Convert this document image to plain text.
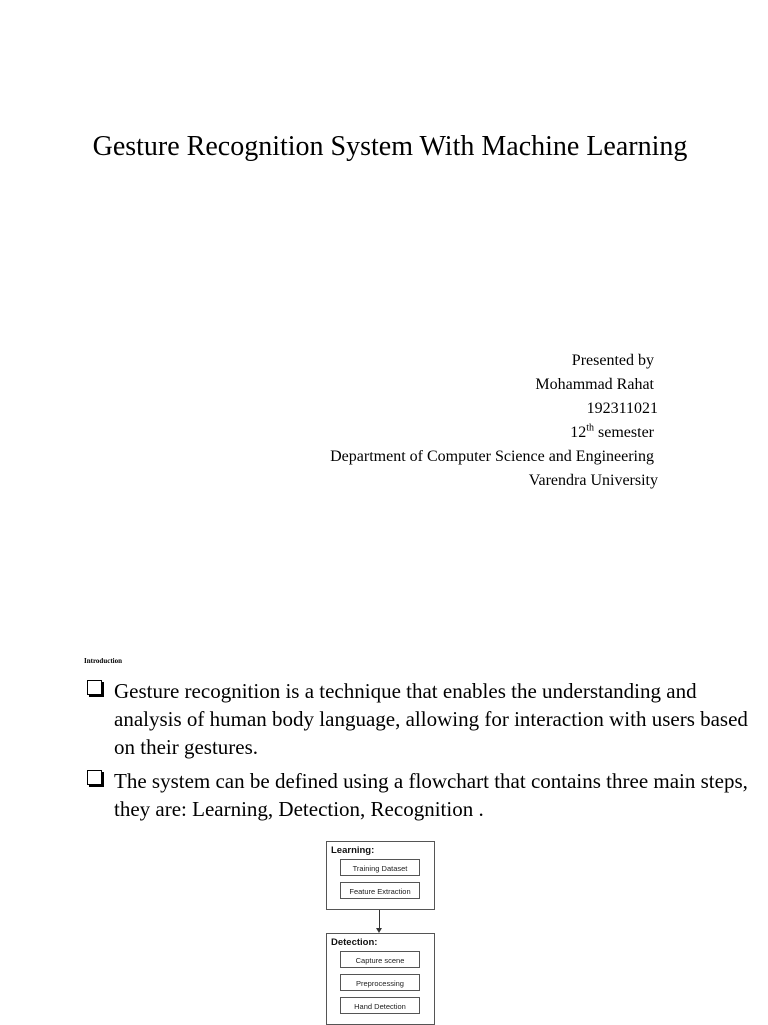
Gesture Recognition System With Machine Learning
Presented by
Mohammad Rahat
192311021
12th semester
Department of Computer Science and Engineering
Varendra University
Introduction
Gesture recognition is a technique that enables the understanding and analysis of human body language, allowing for interaction with users based on their gestures.
The system can be defined using a flowchart that contains three main steps, they are: Learning, Detection, Recognition .
Learning:
Training Dataset
Feature Extraction
Detection:
Capture scene
Preprocessing
Hand Detection
